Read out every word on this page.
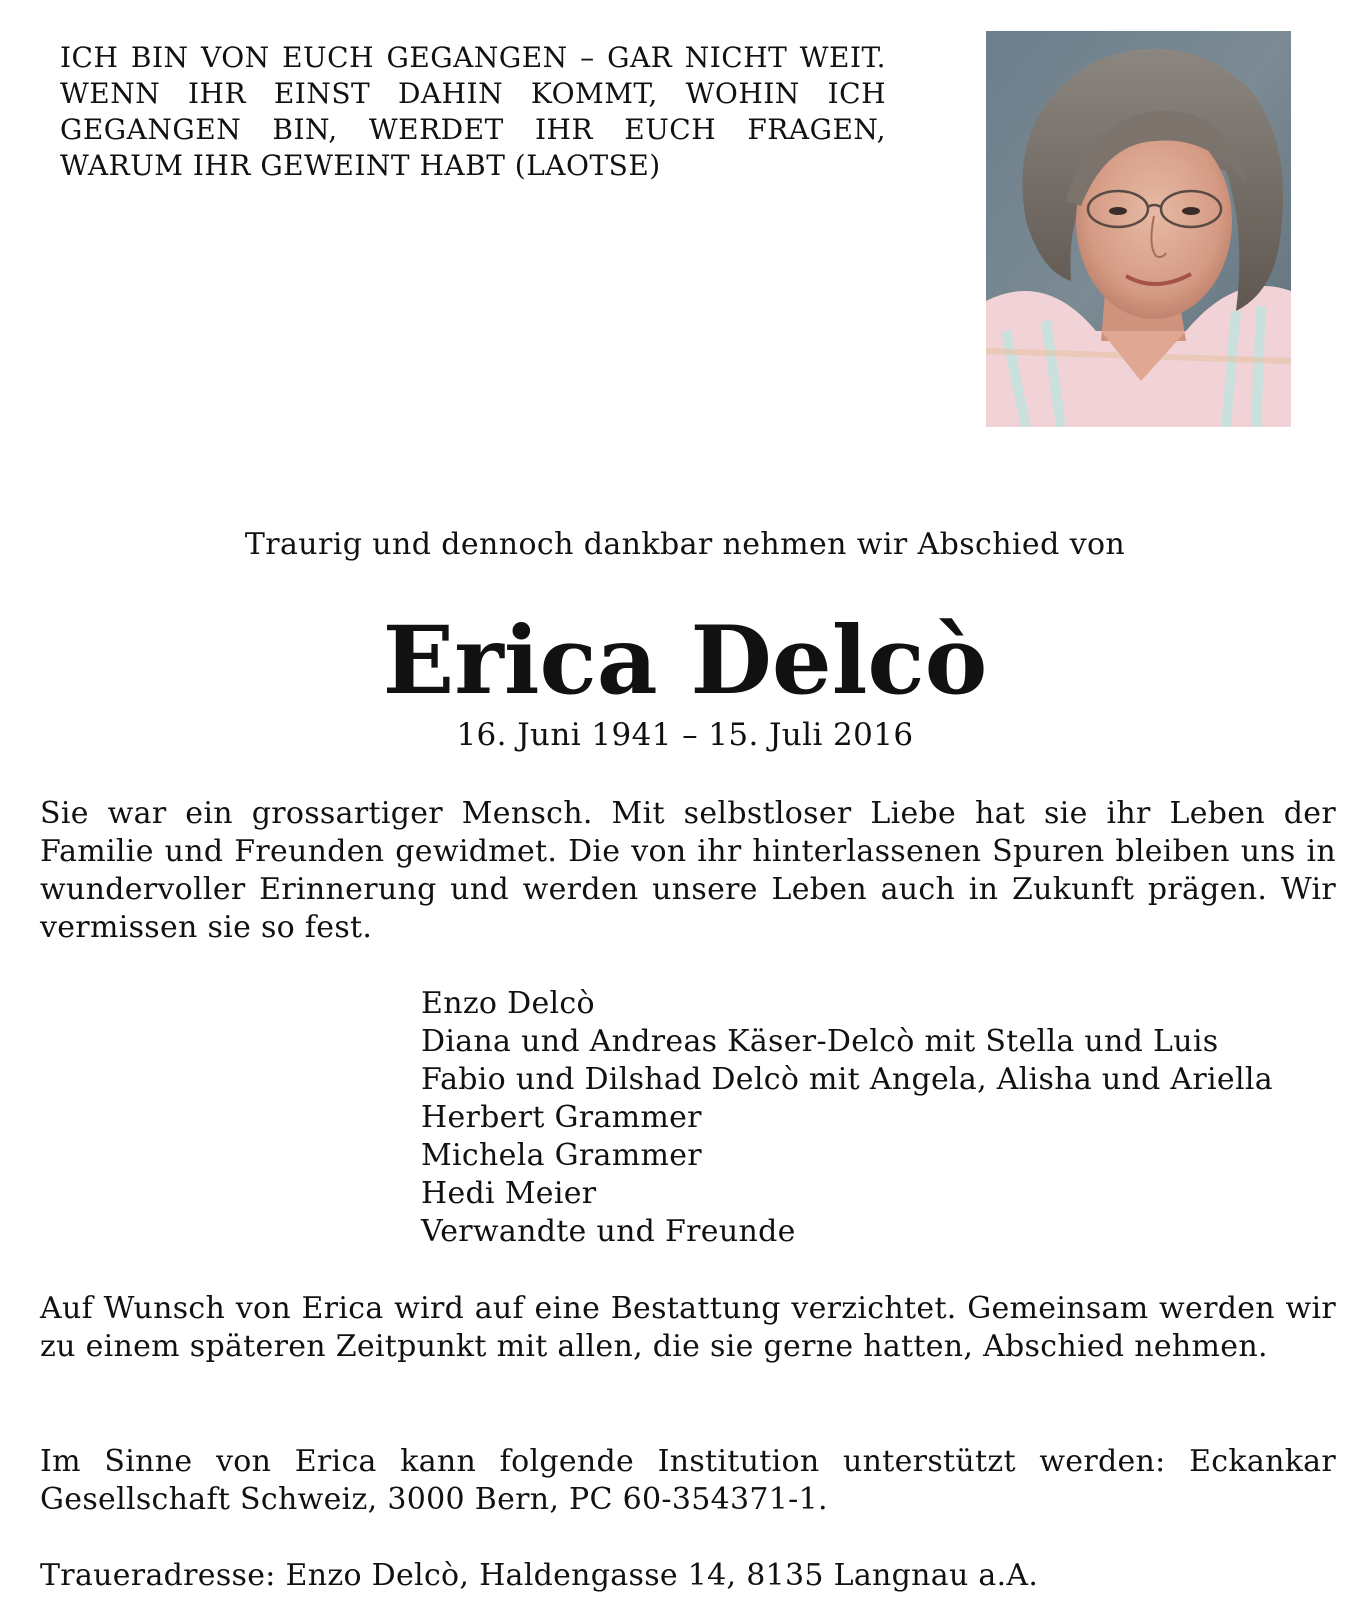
ICH BIN VON EUCH GEGANGEN – GAR NICHT WEIT. WENN IHR EINST DAHIN KOMMT, WOHIN ICH GEGANGEN BIN, WERDET IHR EUCH FRAGEN, WARUM IHR GEWEINT HABT (LAOTSE)
Traurig und dennoch dankbar nehmen wir Abschied von
Erica Delcò
16. Juni 1941 – 15. Juli 2016
Sie war ein grossartiger Mensch. Mit selbstloser Liebe hat sie ihr Leben der Familie und Freunden gewidmet. Die von ihr hinterlassenen Spuren bleiben uns in wundervoller Erinnerung und werden unsere Leben auch in Zukunft prägen. Wir vermissen sie so fest.
Enzo Delcò
Diana und Andreas Käser-Delcò mit Stella und Luis
Fabio und Dilshad Delcò mit Angela, Alisha und Ariella
Herbert Grammer
Michela Grammer
Hedi Meier
Verwandte und Freunde
Auf Wunsch von Erica wird auf eine Bestattung verzichtet. Gemeinsam werden wir zu einem späteren Zeitpunkt mit allen, die sie gerne hatten, Abschied nehmen.
Im Sinne von Erica kann folgende Institution unterstützt werden: Eckankar Gesellschaft Schweiz, 3000 Bern, PC 60-354371-1.
Traueradresse: Enzo Delcò, Haldengasse 14, 8135 Langnau a.A.
